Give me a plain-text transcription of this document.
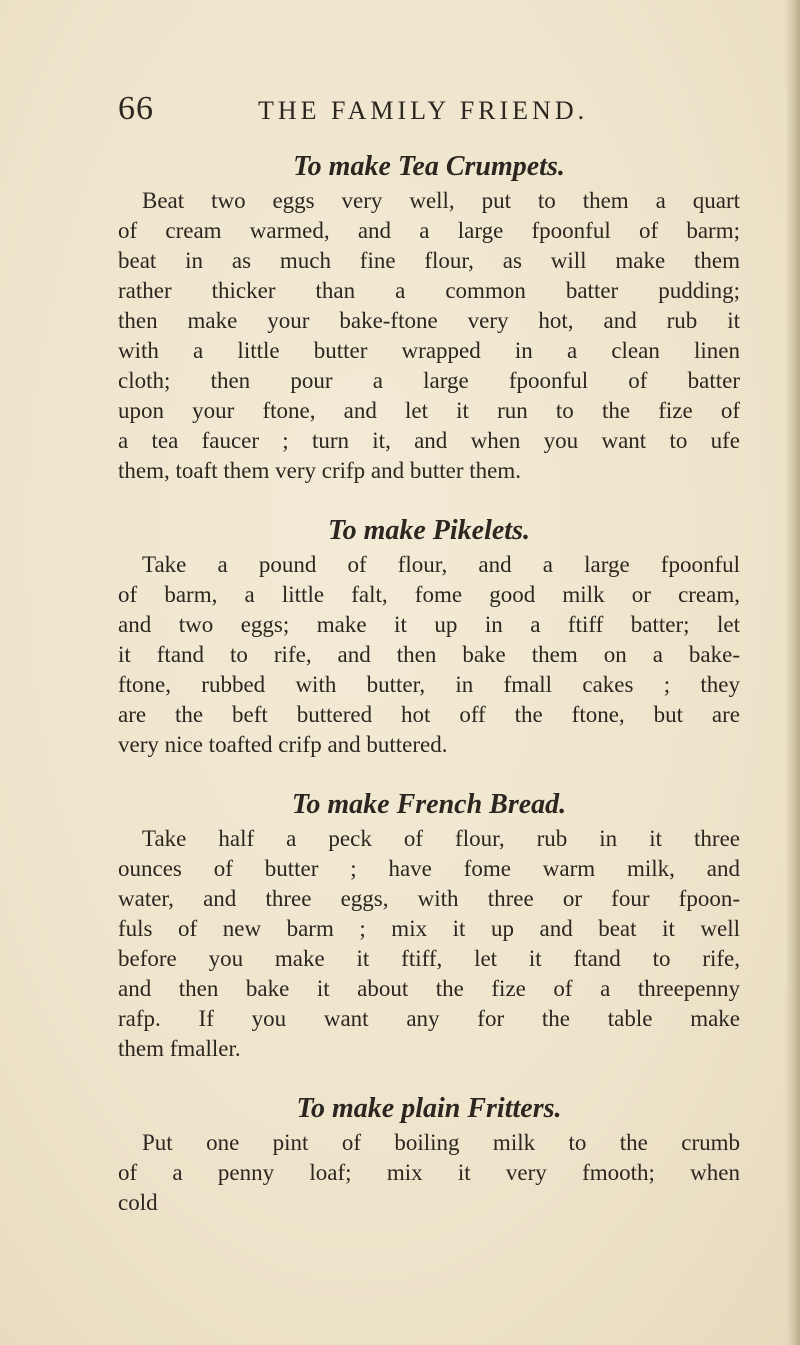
66	THE FAMILY FRIEND.
To make Tea Crumpets.

Beat two eggs very well, put to them a quart
of cream warmed, and a large fpoonful of barm;
beat in as much fine flour, as will make them
rather thicker than a common batter pudding;
then make your bake-ftone very hot, and rub it
with a little butter wrapped in a clean linen
cloth; then pour a large fpoonful of batter
upon your ftone, and let it run to the fize of
a tea faucer ; turn it, and when you want to ufe
them, toaft them very crifp and butter them.

To make Pikelets.

Take a pound of flour, and a large fpoonful
of barm, a little falt, fome good milk or cream,
and two eggs; make it up in a ftiff batter; let
it ftand to rife, and then bake them on a bake-
ftone, rubbed with butter, in fmall cakes ; they
are the beft buttered hot off the ftone, but are
very nice toafted crifp and buttered.

To make French Bread.

Take half a peck of flour, rub in it three
ounces of butter ; have fome warm milk, and
water, and three eggs, with three or four fpoon-
fuls of new barm ; mix it up and beat it well
before you make it ftiff, let it ftand to rife,
and then bake it about the fize of a threepenny
rafp. If you want any for the table make
them fmaller.

To make plain Fritters.

Put one pint of boiling milk to the crumb
of a penny loaf; mix it very fmooth; when
cold
